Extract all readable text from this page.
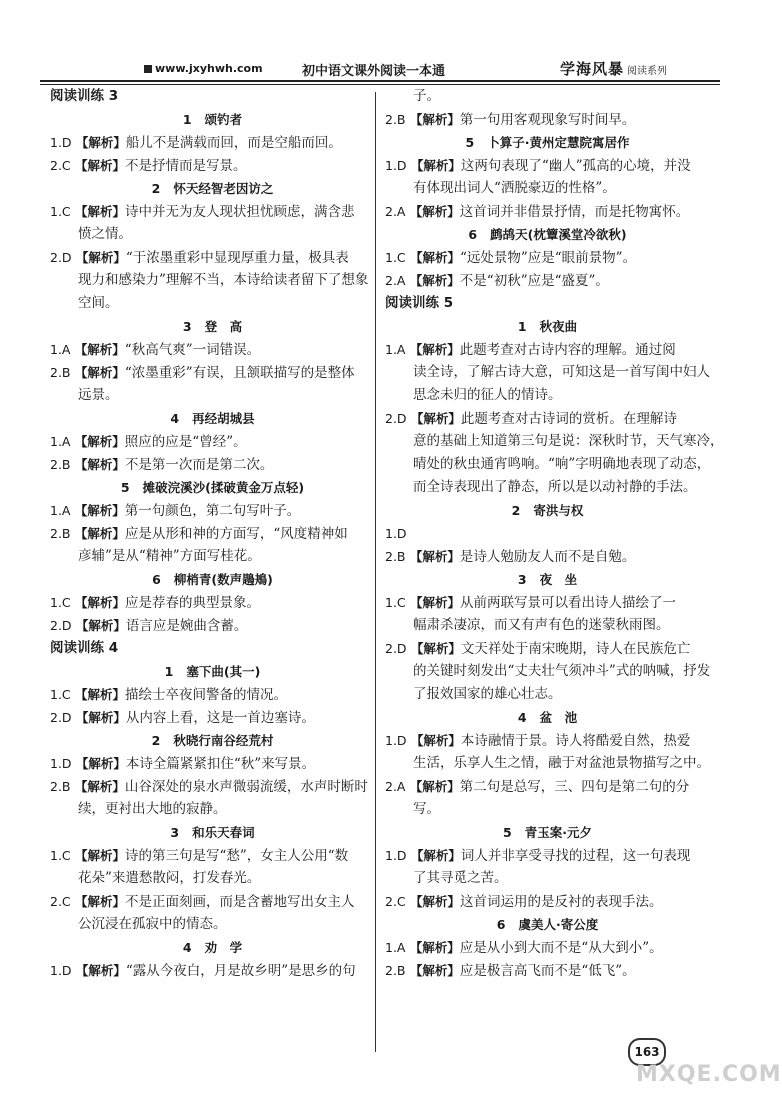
www.jxyhwh.com	初中语文课外阅读一本通	学海风暴 阅读系列
阅读训练 3
1 颂钓者
1.D 【解析】船儿不是满载而回，而是空船而回。
2.C 【解析】不是抒情而是写景。
2 怀天经智老因访之
1.C 【解析】诗中并无为友人现状担忧顾虑，满含悲
愤之情。
2.D 【解析】“于浓墨重彩中显现厚重力量，极具表
现力和感染力”理解不当，本诗给读者留下了想象
空间。
3 登　高
1.A 【解析】“秋高气爽”一词错误。
2.B 【解析】“浓墨重彩”有误，且颔联描写的是整体
远景。
4 再经胡城县
1.A 【解析】照应的应是“曾经”。
2.B 【解析】不是第一次而是第二次。
5 摊破浣溪沙(揉破黄金万点轻)
1.A 【解析】第一句颜色，第二句写叶子。
2.B 【解析】应是从形和神的方面写，“风度精神如
彦辅”是从“精神”方面写桂花。
6 柳梢青(数声鶗鴂)
1.C 【解析】应是荐春的典型景象。
2.D 【解析】语言应是婉曲含蓄。
阅读训练 4
1 塞下曲(其一)
1.C 【解析】描绘士卒夜间警备的情况。
2.D 【解析】从内容上看，这是一首边塞诗。
2 秋晓行南谷经荒村
1.D 【解析】本诗全篇紧紧扣住“秋”来写景。
2.B 【解析】山谷深处的泉水声微弱流缓，水声时断时
续，更衬出大地的寂静。
3 和乐天春词
1.C 【解析】诗的第三句是写“愁”，女主人公用“数
花朵”来遣愁散闷，打发春光。
2.C 【解析】不是正面刻画，而是含蓄地写出女主人
公沉浸在孤寂中的情态。
4 劝　学
1.D 【解析】“露从今夜白，月是故乡明”是思乡的句
子。
2.B 【解析】第一句用客观现象写时间早。
5 卜算子·黄州定慧院寓居作
1.D 【解析】这两句表现了“幽人”孤高的心境，并没
有体现出词人“洒脱豪迈的性格”。
2.A 【解析】这首词并非借景抒情，而是托物寓怀。
6 鹧鸪天(枕簟溪堂冷欲秋)
1.C 【解析】“远处景物”应是“眼前景物”。
2.A 【解析】不是“初秋”应是“盛夏”。
阅读训练 5
1 秋夜曲
1.A 【解析】此题考查对古诗内容的理解。通过阅
读全诗，了解古诗大意，可知这是一首写闺中妇人
思念未归的征人的情诗。
2.D 【解析】此题考查对古诗词的赏析。在理解诗
意的基础上知道第三句是说：深秋时节，天气寒冷，
晴处的秋虫通宵鸣响。“响”字明确地表现了动态，
而全诗表现出了静态，所以是以动衬静的手法。
2 寄洪与权
1.D
2.B 【解析】是诗人勉励友人而不是自勉。
3 夜　坐
1.C 【解析】从前两联写景可以看出诗人描绘了一
幅肃杀凄凉，而又有声有色的迷蒙秋雨图。
2.D 【解析】文天祥处于南宋晚期，诗人在民族危亡
的关键时刻发出“丈夫壮气须冲斗”式的呐喊，抒发
了报效国家的雄心壮志。
4 盆　池
1.D 【解析】本诗融情于景。诗人将酷爱自然，热爱
生活，乐享人生之情，融于对盆池景物描写之中。
2.A 【解析】第二句是总写，三、四句是第二句的分
写。
5 青玉案·元夕
1.D 【解析】词人并非享受寻找的过程，这一句表现
了其寻觅之苦。
2.C 【解析】这首词运用的是反衬的表现手法。
6 虞美人·寄公度
1.A 【解析】应是从小到大而不是“从大到小”。
2.B 【解析】应是极言高飞而不是“低飞”。
163
MXQE.COM
